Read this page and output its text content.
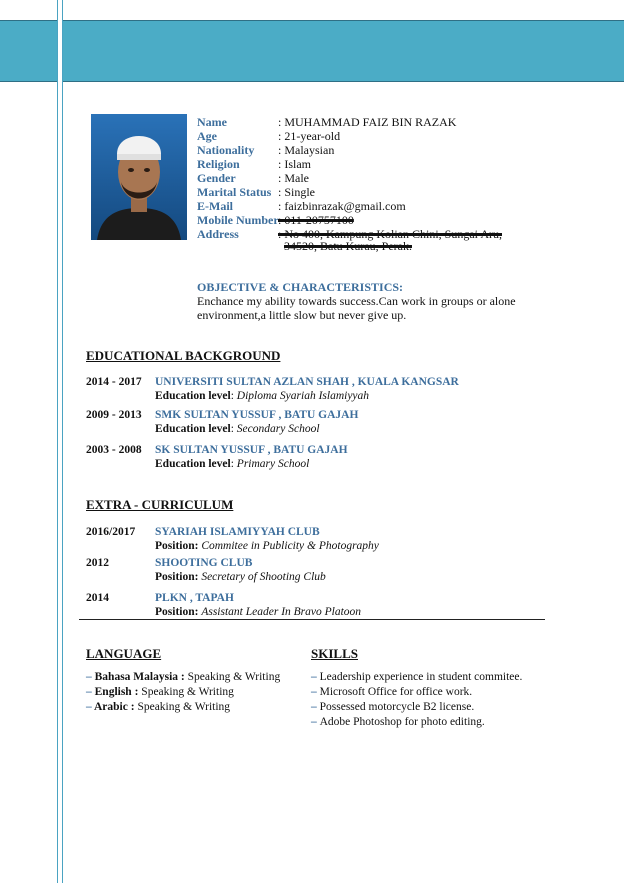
Name	: MUHAMMAD FAIZ BIN RAZAK
Age	: 21-year-old
Nationality : Malaysian
Religion	: Islam
Gender	: Male
Marital Status : Single
E-Mail	: faizbinrazak@gmail.com
Mobile Number : 011-20757100
Address	: No 400, Kampung Kolian Chini, Sungai Aru,
34520, Batu Kurau, Perak.
OBJECTIVE & CHARACTERISTICS:
Enchance my ability towards success.Can work in groups or alone
environment,a little slow but never give up.
EDUCATIONAL BACKGROUND
2014 - 2017 UNIVERSITI SULTAN AZLAN SHAH , KUALA KANGSAR
Education level: Diploma Syariah Islamiyyah
2009 - 2013 SMK SULTAN YUSSUF , BATU GAJAH
Education level: Secondary School
2003 - 2008 SK SULTAN YUSSUF , BATU GAJAH
Education level: Primary School
EXTRA - CURRICULUM
2016/2017 SYARIAH ISLAMIYYAH CLUB
Position: Commitee in Publicity & Photography
2012	SHOOTING CLUB
Position: Secretary of Shooting Club
2014	PLKN , TAPAH
Position: Assistant Leader In Bravo Platoon
LANGUAGE
– Bahasa Malaysia : Speaking & Writing
– English : Speaking & Writing
– Arabic : Speaking & Writing
SKILLS
– Leadership experience in student commitee.
– Microsoft Office for office work.
– Possessed motorcycle B2 license.
– Adobe Photoshop for photo editing.
